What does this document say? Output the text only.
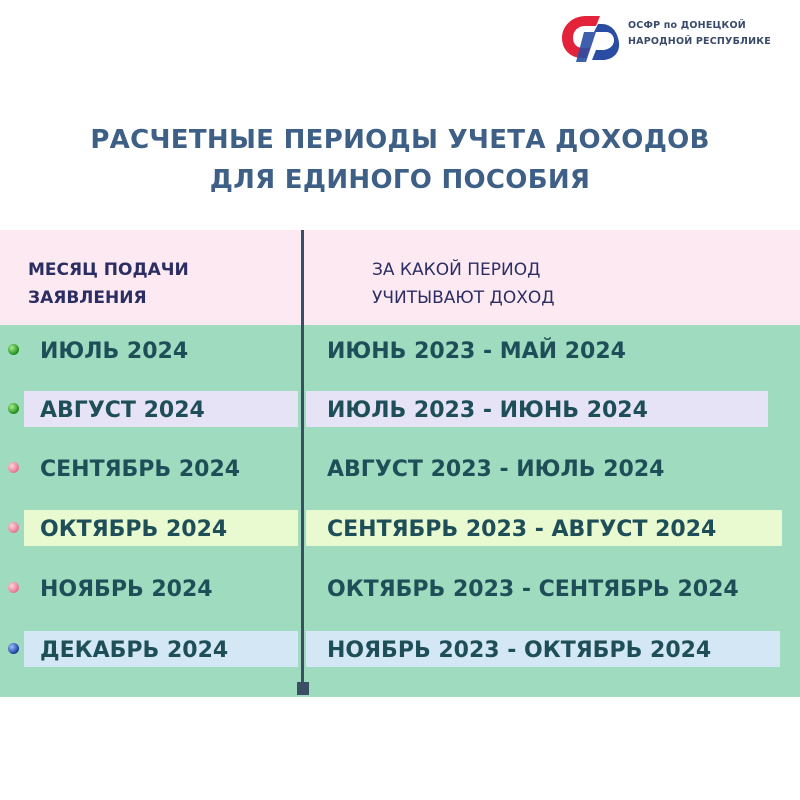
ОСФР по ДОНЕЦКОЙ
НАРОДНОЙ РЕСПУБЛИКЕ
РАСЧЕТНЫЕ ПЕРИОДЫ УЧЕТА ДОХОДОВ
ДЛЯ ЕДИНОГО ПОСОБИЯ
МЕСЯЦ ПОДАЧИ
ЗАЯВЛЕНИЯ
ЗА КАКОЙ ПЕРИОД
УЧИТЫВАЮТ ДОХОД
ИЮЛЬ 2024	ИЮНЬ 2023 - МАЙ 2024
АВГУСТ 2024	ИЮЛЬ 2023 - ИЮНЬ 2024
СЕНТЯБРЬ 2024	АВГУСТ 2023 - ИЮЛЬ 2024
ОКТЯБРЬ 2024	СЕНТЯБРЬ 2023 - АВГУСТ 2024
НОЯБРЬ 2024	ОКТЯБРЬ 2023 - СЕНТЯБРЬ 2024
ДЕКАБРЬ 2024	НОЯБРЬ 2023 - ОКТЯБРЬ 2024
